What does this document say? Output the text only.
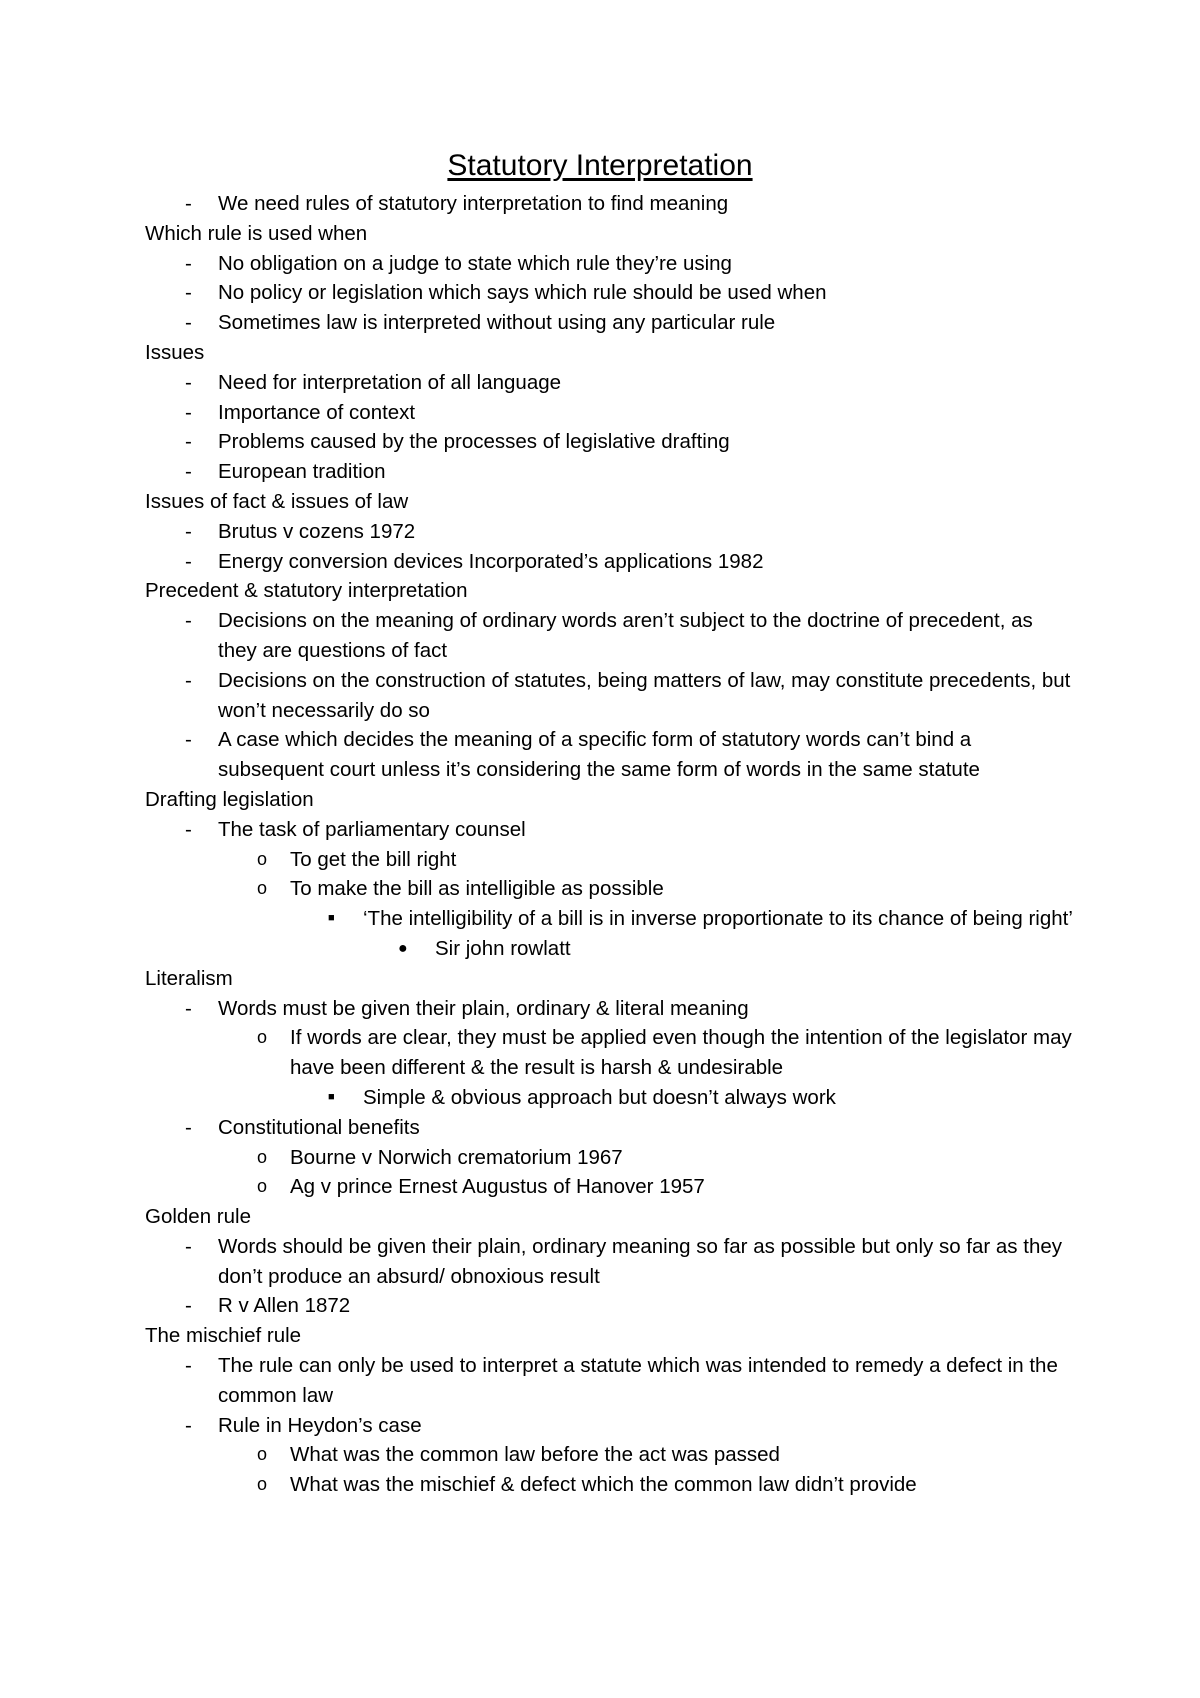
Statutory Interpretation
-	We need rules of statutory interpretation to find meaning
Which rule is used when
-	No obligation on a judge to state which rule they’re using
-	No policy or legislation which says which rule should be used when
-	Sometimes law is interpreted without using any particular rule
Issues
-	Need for interpretation of all language
-	Importance of context
-	Problems caused by the processes of legislative drafting
-	European tradition
Issues of fact & issues of law
-	Brutus v cozens 1972
-	Energy conversion devices Incorporated’s applications 1982
Precedent & statutory interpretation
-	Decisions on the meaning of ordinary words aren’t subject to the doctrine of precedent, as they are questions of fact
-	Decisions on the construction of statutes, being matters of law, may constitute precedents, but won’t necessarily do so
-	A case which decides the meaning of a specific form of statutory words can’t bind a subsequent court unless it’s considering the same form of words in the same statute
Drafting legislation
-	The task of parliamentary counsel
o	To get the bill right
o	To make the bill as intelligible as possible
■	‘The intelligibility of a bill is in inverse proportionate to its chance of being right’
●	Sir john rowlatt
Literalism
-	Words must be given their plain, ordinary & literal meaning
o	If words are clear, they must be applied even though the intention of the legislator may have been different & the result is harsh & undesirable
■	Simple & obvious approach but doesn’t always work
-	Constitutional benefits
o	Bourne v Norwich crematorium 1967
o	Ag v prince Ernest Augustus of Hanover 1957
Golden rule
-	Words should be given their plain, ordinary meaning so far as possible but only so far as they don’t produce an absurd/ obnoxious result
-	R v Allen 1872
The mischief rule
-	The rule can only be used to interpret a statute which was intended to remedy a defect in the common law
-	Rule in Heydon’s case
o	What was the common law before the act was passed
o	What was the mischief & defect which the common law didn’t provide
